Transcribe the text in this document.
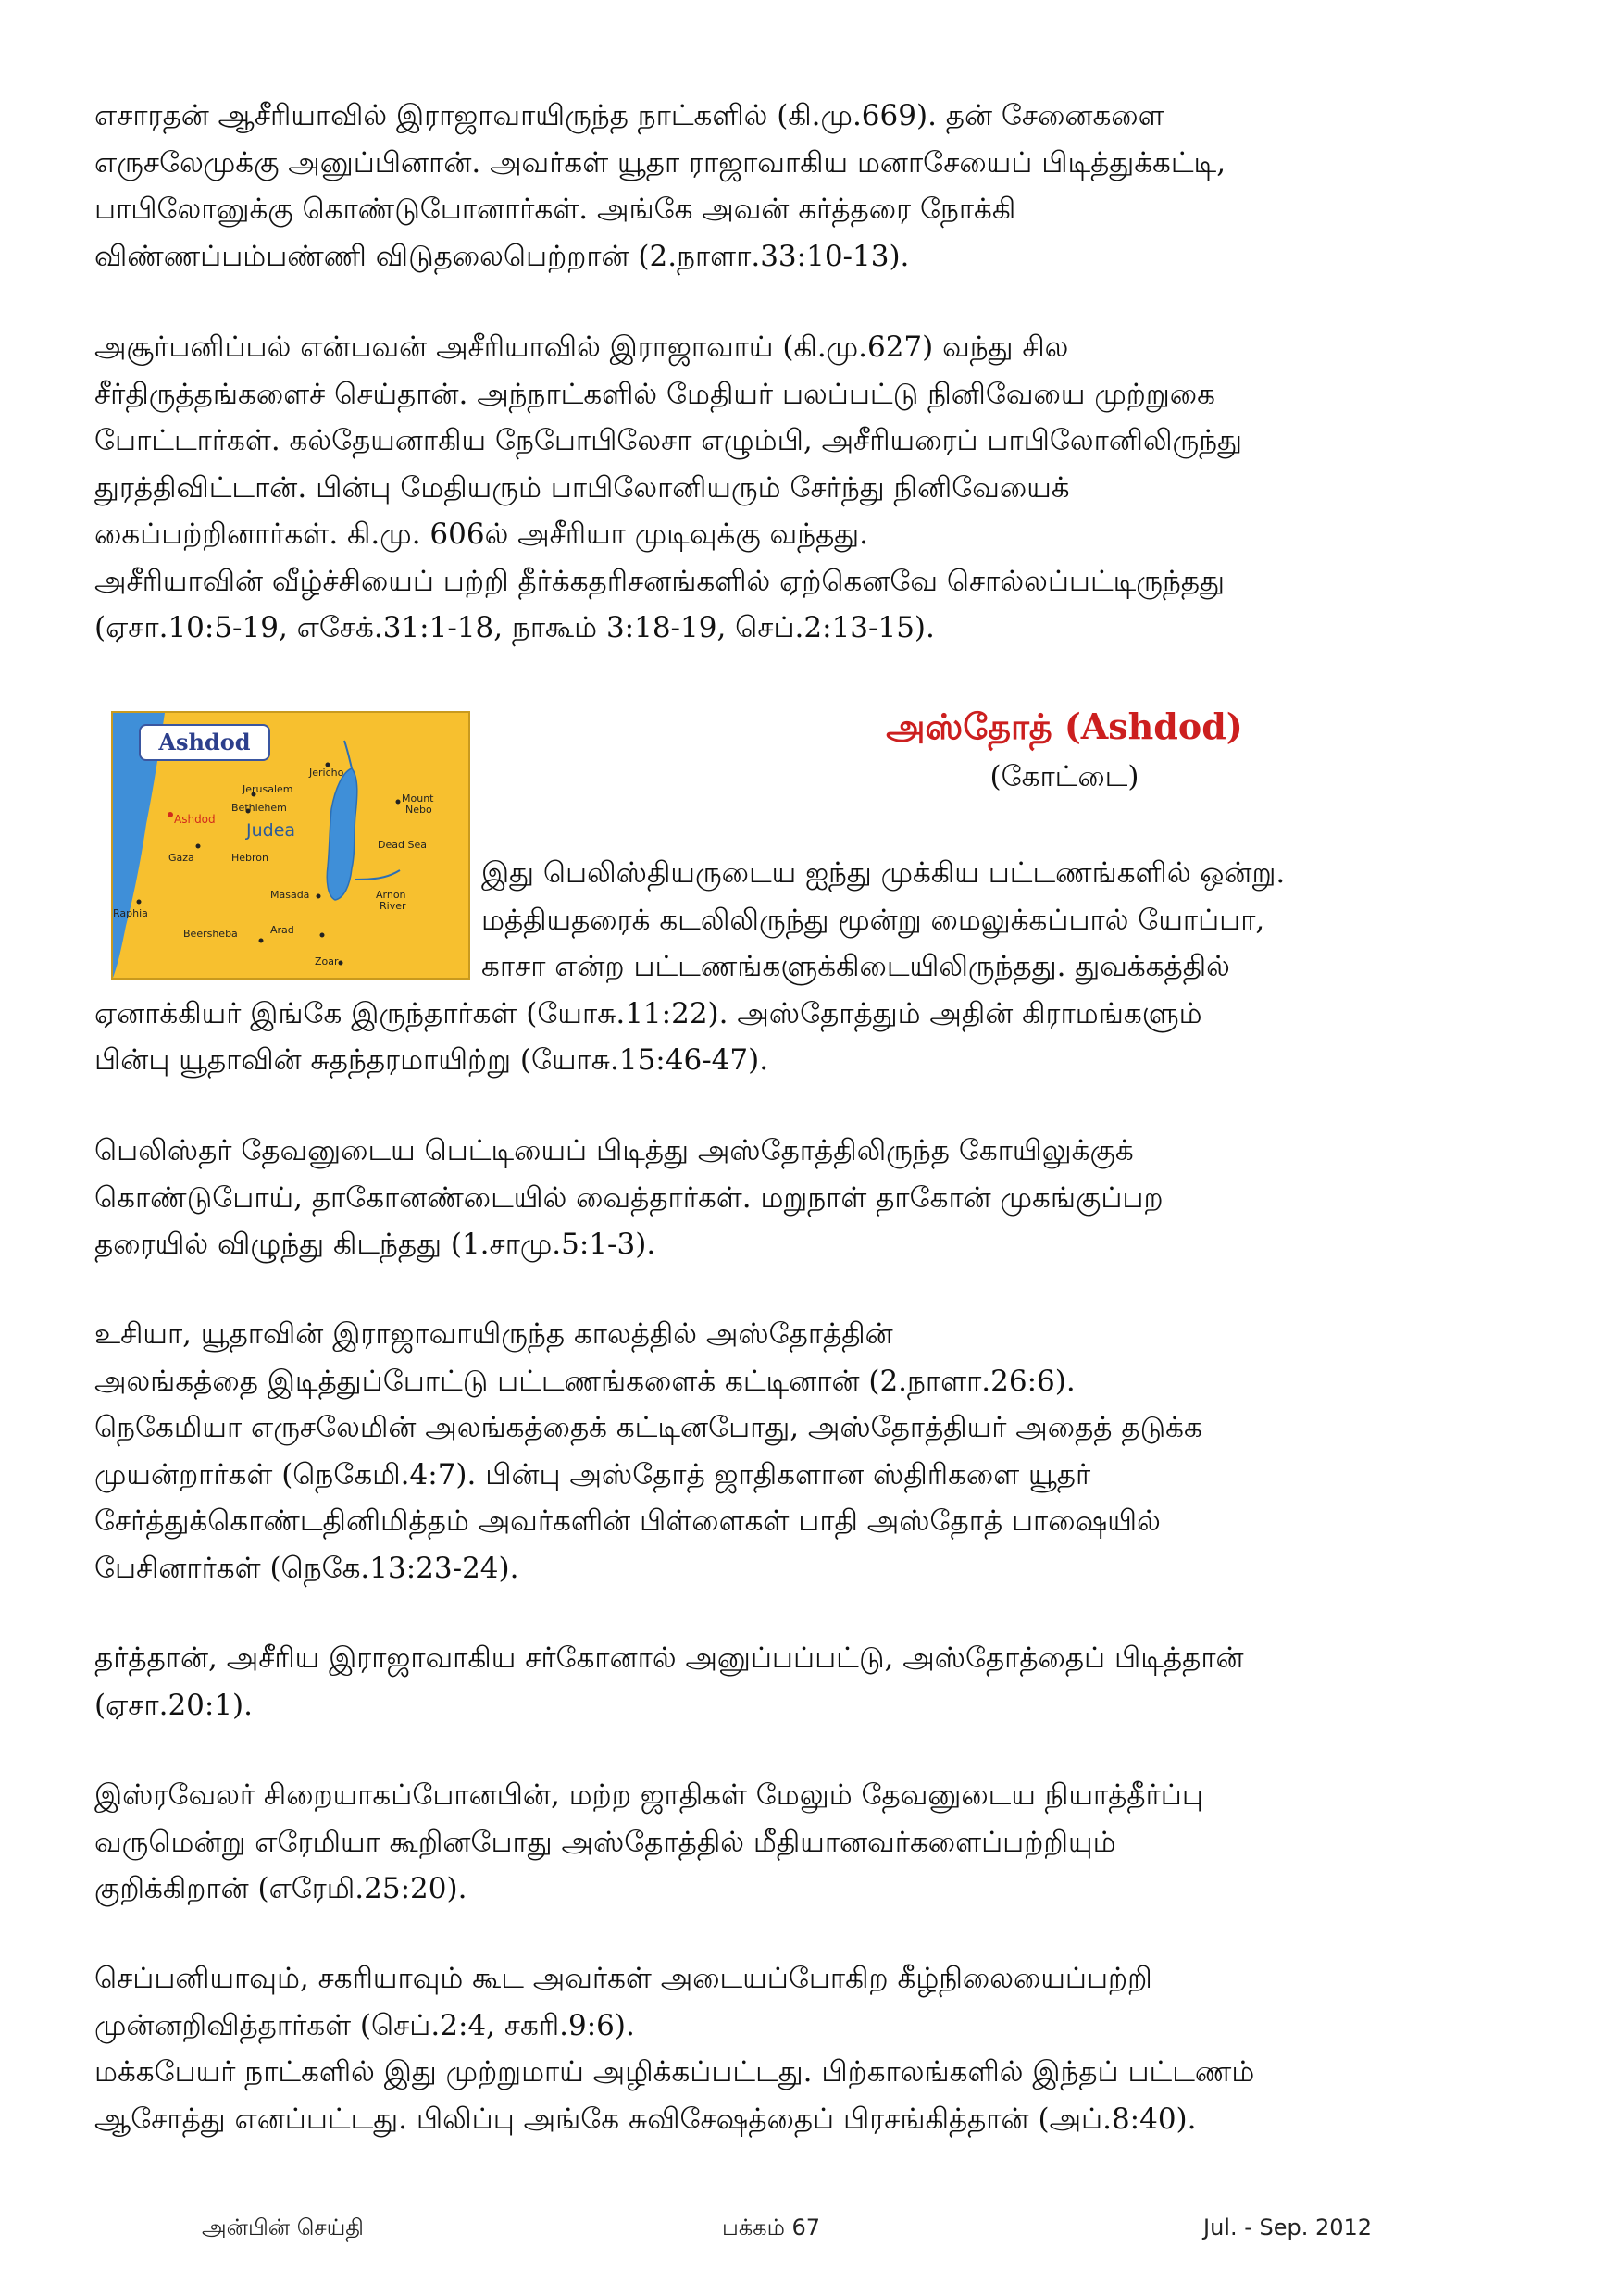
எசாரதன் ஆசீரியாவில் இராஜாவாயிருந்த நாட்களில் (கி.மு.669). தன் சேனைகளை
எருசலேமுக்கு அனுப்பினான். அவர்கள் யூதா ராஜாவாகிய மனாசேயைப் பிடித்துக்கட்டி,
பாபிலோனுக்கு கொண்டுபோனார்கள். அங்கே அவன் கர்த்தரை நோக்கி
விண்ணப்பம்பண்ணி விடுதலைபெற்றான் (2.நாளா.33:10-13).
அசூர்பனிப்பல் என்பவன் அசீரியாவில் இராஜாவாய் (கி.மு.627) வந்து சில
சீர்திருத்தங்களைச் செய்தான். அந்நாட்களில் மேதியர் பலப்பட்டு நினிவேயை முற்றுகை
போட்டார்கள். கல்தேயனாகிய நேபோபிலேசா எழும்பி, அசீரியரைப் பாபிலோனிலிருந்து
துரத்திவிட்டான். பின்பு மேதியரும் பாபிலோனியரும் சேர்ந்து நினிவேயைக்
கைப்பற்றினார்கள். கி.மு. 606ல் அசீரியா முடிவுக்கு வந்தது.
அசீரியாவின் வீழ்ச்சியைப் பற்றி தீர்க்கதரிசனங்களில் ஏற்கெனவே சொல்லப்பட்டிருந்தது
(ஏசா.10:5-19, எசேக்.31:1-18, நாகூம் 3:18-19, செப்.2:13-15).
Ashdod
Jericho
Jerusalem
Mount
Nebo
Bethlehem
Ashdod
Judea
Dead Sea
Gaza	Hebron
Masada	Arnon
River
Raphia
Beersheba	Arad
Zoar
அஸ்தோத் (Ashdod)
(கோட்டை)
இது பெலிஸ்தியருடைய ஐந்து முக்கிய பட்டணங்களில் ஒன்று.
மத்தியதரைக் கடலிலிருந்து மூன்று மைலுக்கப்பால் யோப்பா,
காசா என்ற பட்டணங்களுக்கிடையிலிருந்தது. துவக்கத்தில்
ஏனாக்கியர் இங்கே இருந்தார்கள் (யோசு.11:22). அஸ்தோத்தும் அதின் கிராமங்களும்
பின்பு யூதாவின் சுதந்தரமாயிற்று (யோசு.15:46-47).
பெலிஸ்தர் தேவனுடைய பெட்டியைப் பிடித்து அஸ்தோத்திலிருந்த கோயிலுக்குக்
கொண்டுபோய், தாகோனண்டையில் வைத்தார்கள். மறுநாள் தாகோன் முகங்குப்பற
தரையில் விழுந்து கிடந்தது (1.சாமு.5:1-3).
உசியா, யூதாவின் இராஜாவாயிருந்த காலத்தில் அஸ்தோத்தின்
அலங்கத்தை இடித்துப்போட்டு பட்டணங்களைக் கட்டினான் (2.நாளா.26:6).
நெகேமியா எருசலேமின் அலங்கத்தைக் கட்டினபோது, அஸ்தோத்தியர் அதைத் தடுக்க
முயன்றார்கள் (நெகேமி.4:7). பின்பு அஸ்தோத் ஜாதிகளான ஸ்திரிகளை யூதர்
சேர்த்துக்கொண்டதினிமித்தம் அவர்களின் பிள்ளைகள் பாதி அஸ்தோத் பாஷையில்
பேசினார்கள் (நெகே.13:23-24).
தர்த்தான், அசீரிய இராஜாவாகிய சர்கோனால் அனுப்பப்பட்டு, அஸ்தோத்தைப் பிடித்தான்
(ஏசா.20:1).
இஸ்ரவேலர் சிறையாகப்போனபின், மற்ற ஜாதிகள் மேலும் தேவனுடைய நியாத்தீர்ப்பு
வருமென்று எரேமியா கூறினபோது அஸ்தோத்தில் மீதியானவர்களைப்பற்றியும்
குறிக்கிறான் (எரேமி.25:20).
செப்பனியாவும், சகரியாவும் கூட அவர்கள் அடையப்போகிற கீழ்நிலையைப்பற்றி
முன்னறிவித்தார்கள் (செப்.2:4, சகரி.9:6).
மக்கபேயர் நாட்களில் இது முற்றுமாய் அழிக்கப்பட்டது. பிற்காலங்களில் இந்தப் பட்டணம்
ஆசோத்து எனப்பட்டது. பிலிப்பு அங்கே சுவிசேஷத்தைப் பிரசங்கித்தான் (அப்.8:40).
அன்பின் செய்தி	பக்கம் 67	Jul. - Sep. 2012
